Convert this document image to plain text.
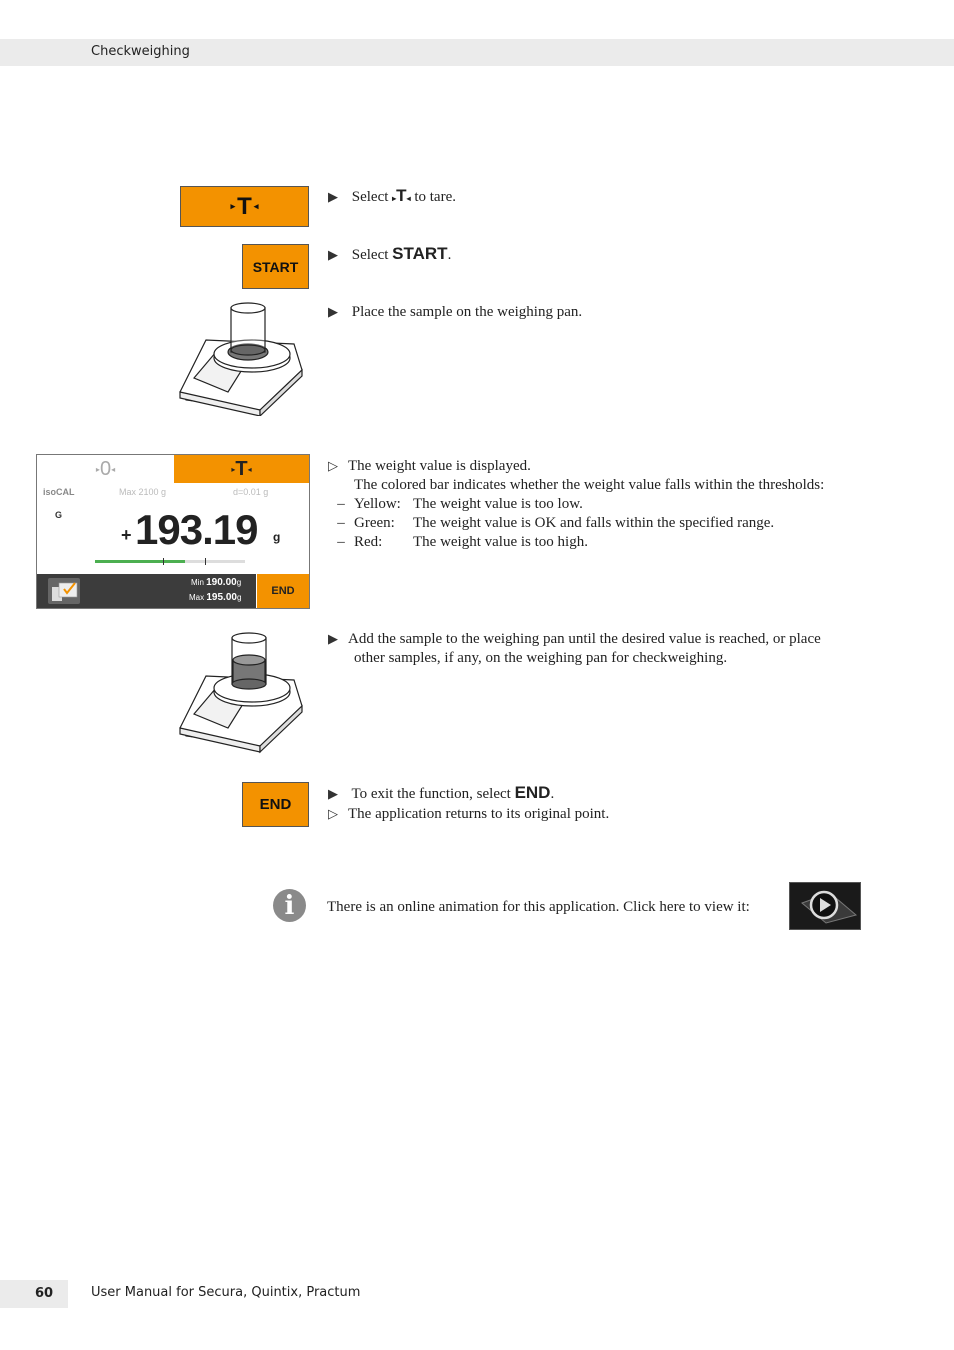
Checkweighing
▸ T ◂
▶ Select ▸T◂ to tare.
START
▶ Select START.
▶ Place the sample on the weighing pan.
▸ 0 ◂	▸ T ◂
isoCAL	Max 2100 g	d=0.01 g
G
+ 193.19 g
Min 190.00g
Max 195.00g
END
▷ The weight value is displayed.
The colored bar indicates whether the weight value falls within the thresholds:
– Yellow: The weight value is too low.
– Green:	The weight value is OK and falls within the specified range.
– Red:	The weight value is too high.
▶ Add the sample to the weighing pan until the desired value is reached, or place
other samples, if any, on the weighing pan for checkweighing.
END
▶ To exit the function, select END.
▷ The application returns to its original point.
i	There is an online animation for this application. Click here to view it:
60	User Manual for Secura, Quintix, Practum
